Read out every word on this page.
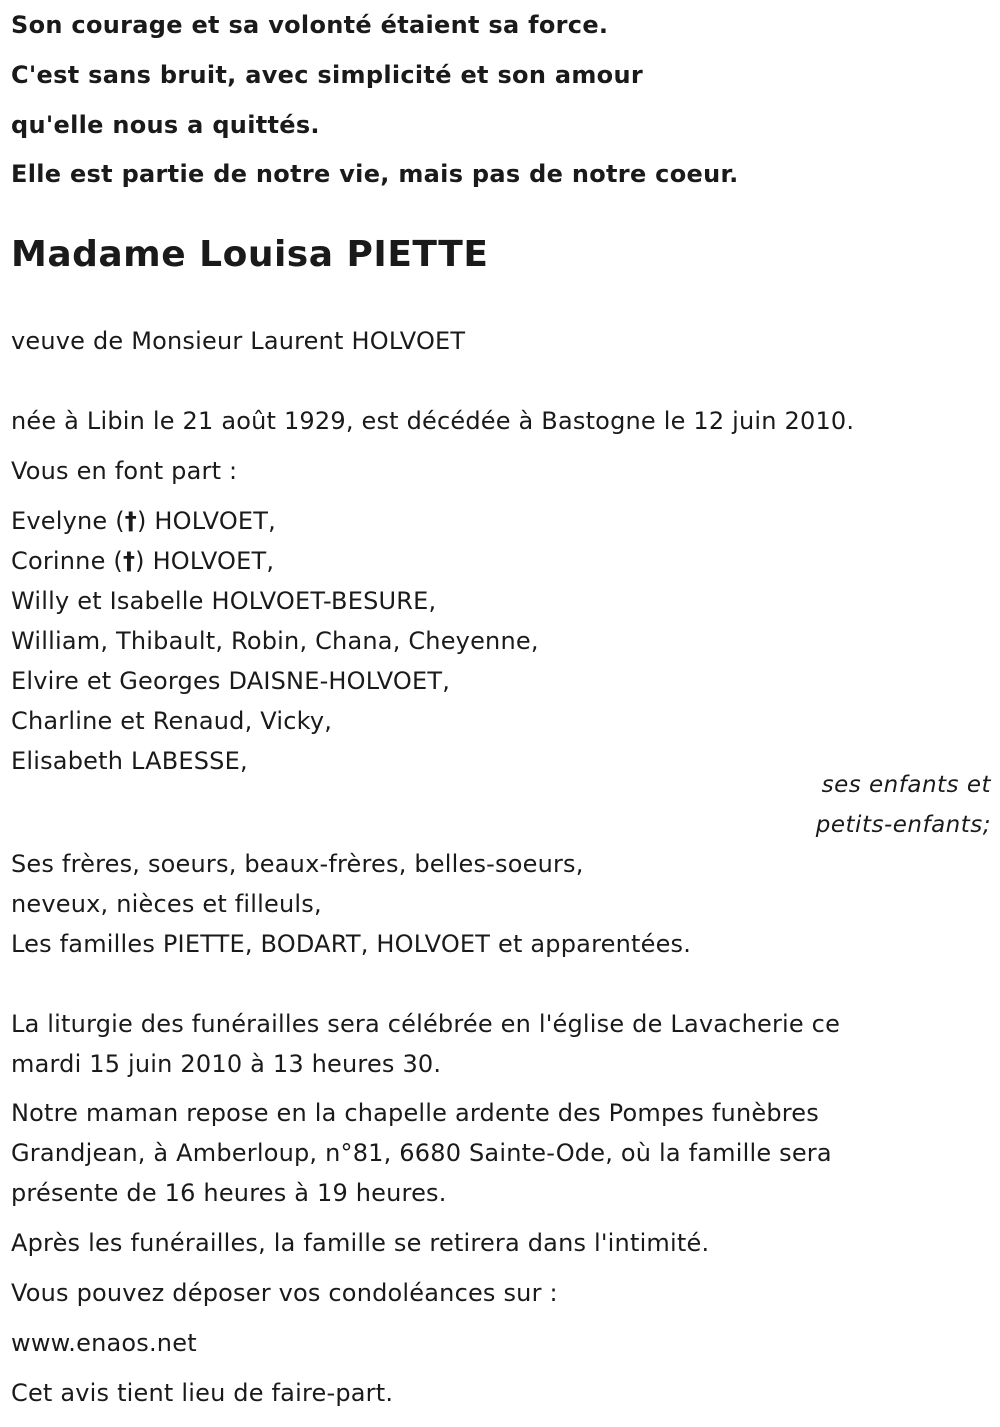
Son courage et sa volonté étaient sa force.
C'est sans bruit, avec simplicité et son amour
qu'elle nous a quittés.
Elle est partie de notre vie, mais pas de notre coeur.
Madame Louisa PIETTE
veuve de Monsieur Laurent HOLVOET
née à Libin le 21 août 1929, est décédée à Bastogne le 12 juin 2010.
Vous en font part :
Evelyne (†) HOLVOET,
Corinne (†) HOLVOET,
Willy et Isabelle HOLVOET-BESURE,
William, Thibault, Robin, Chana, Cheyenne,
Elvire et Georges DAISNE-HOLVOET,
Charline et Renaud, Vicky,
Elisabeth LABESSE,
ses enfants et
petits-enfants;
Ses frères, soeurs, beaux-frères, belles-soeurs,
neveux, nièces et filleuls,
Les familles PIETTE, BODART, HOLVOET et apparentées.
La liturgie des funérailles sera célébrée en l'église de Lavacherie ce
mardi 15 juin 2010 à 13 heures 30.
Notre maman repose en la chapelle ardente des Pompes funèbres
Grandjean, à Amberloup, n°81, 6680 Sainte-Ode, où la famille sera
présente de 16 heures à 19 heures.
Après les funérailles, la famille se retirera dans l'intimité.
Vous pouvez déposer vos condoléances sur :
www.enaos.net
Cet avis tient lieu de faire-part.
